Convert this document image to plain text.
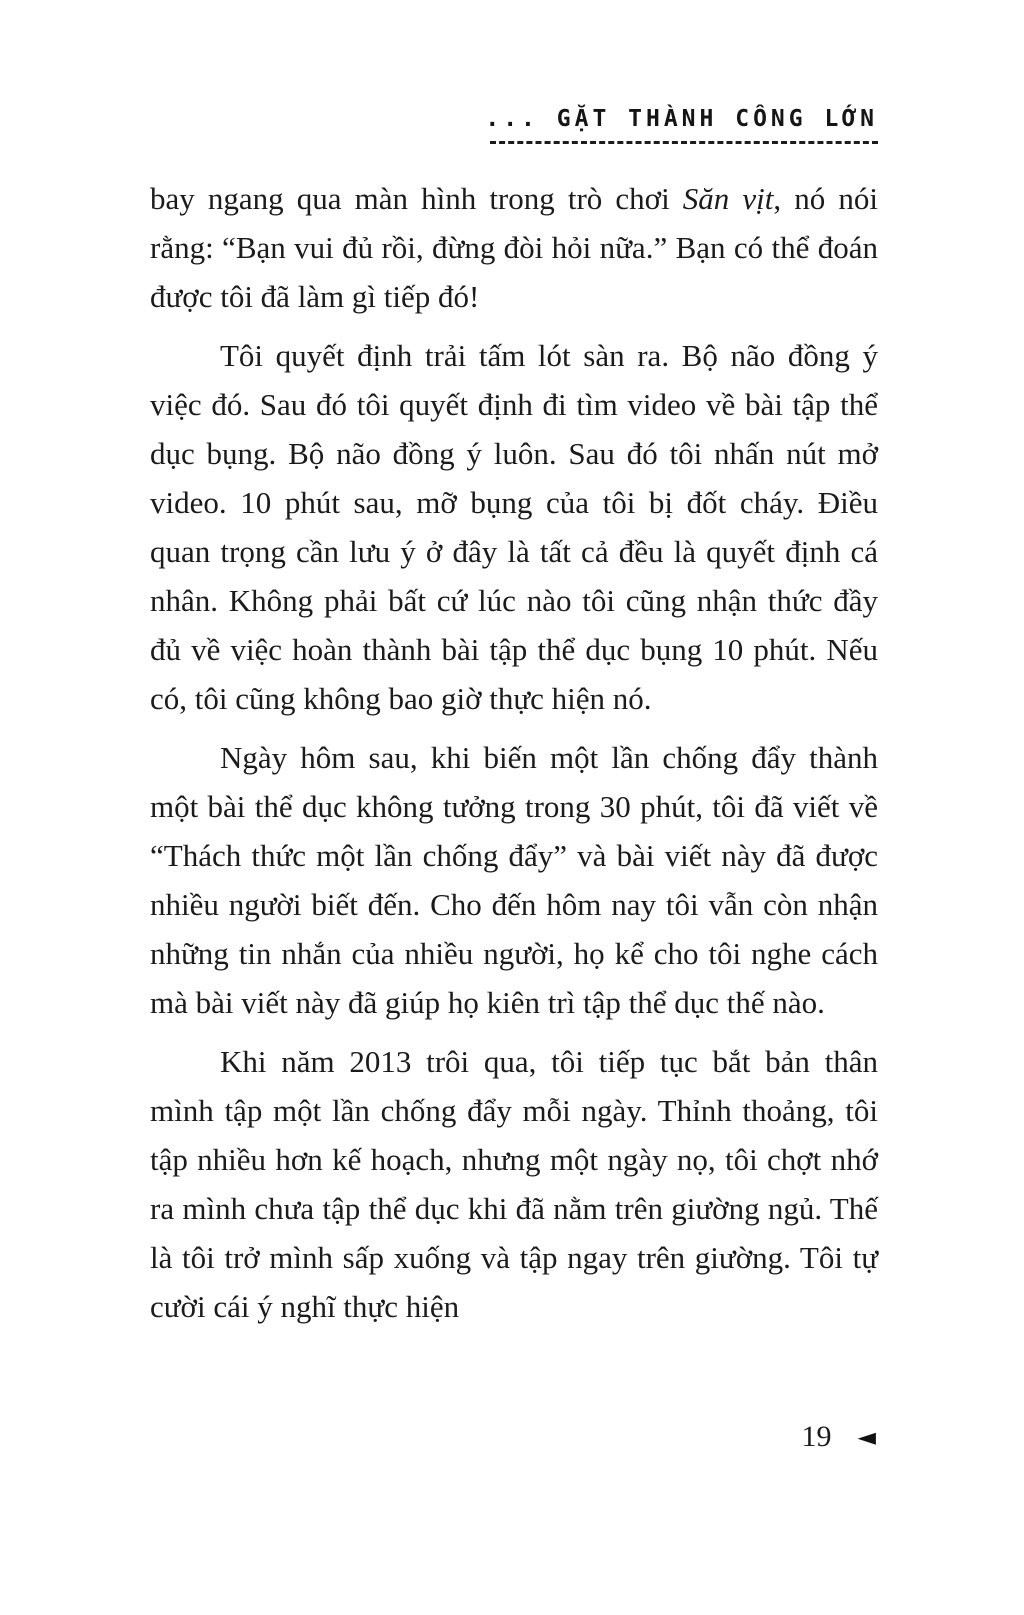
... GẶT THÀNH CÔNG LỚN

bay ngang qua màn hình trong trò chơi Săn vịt, nó nói rằng: “Bạn vui đủ rồi, đừng đòi hỏi nữa.” Bạn có thể đoán được tôi đã làm gì tiếp đó!

Tôi quyết định trải tấm lót sàn ra. Bộ não đồng ý việc đó. Sau đó tôi quyết định đi tìm video về bài tập thể dục bụng. Bộ não đồng ý luôn. Sau đó tôi nhấn nút mở video. 10 phút sau, mỡ bụng của tôi bị đốt cháy. Điều quan trọng cần lưu ý ở đây là tất cả đều là quyết định cá nhân. Không phải bất cứ lúc nào tôi cũng nhận thức đầy đủ về việc hoàn thành bài tập thể dục bụng 10 phút. Nếu có, tôi cũng không bao giờ thực hiện nó.

Ngày hôm sau, khi biến một lần chống đẩy thành một bài thể dục không tưởng trong 30 phút, tôi đã viết về “Thách thức một lần chống đẩy” và bài viết này đã được nhiều người biết đến. Cho đến hôm nay tôi vẫn còn nhận những tin nhắn của nhiều người, họ kể cho tôi nghe cách mà bài viết này đã giúp họ kiên trì tập thể dục thế nào.

Khi năm 2013 trôi qua, tôi tiếp tục bắt bản thân mình tập một lần chống đẩy mỗi ngày. Thỉnh thoảng, tôi tập nhiều hơn kế hoạch, nhưng một ngày nọ, tôi chợt nhớ ra mình chưa tập thể dục khi đã nằm trên giường ngủ. Thế là tôi trở mình sấp xuống và tập ngay trên giường. Tôi tự cười cái ý nghĩ thực hiện

19 ◄
